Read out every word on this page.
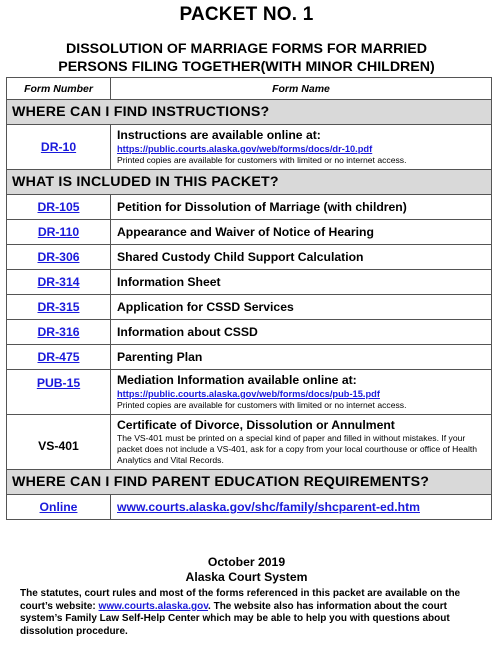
PACKET NO. 1
DISSOLUTION OF MARRIAGE FORMS FOR MARRIED
PERSONS FILING TOGETHER(WITH MINOR CHILDREN)
Form Number	Form Name
WHERE CAN I FIND INSTRUCTIONS?	
DR-10	Instructions are available online at:
https://public.courts.alaska.gov/web/forms/docs/dr-10.pdf
Printed copies are available for customers with limited or no internet access.

WHAT IS INCLUDED IN THIS PACKET?	
DR-105	Petition for Dissolution of Marriage (with children)
DR-110	Appearance and Waiver of Notice of Hearing
DR-306	Shared Custody Child Support Calculation
DR-314	Information Sheet
DR-315	Application for CSSD Services
DR-316	Information about CSSD
DR-475	Parenting Plan
PUB-15	Mediation Information available online at:
https://public.courts.alaska.gov/web/forms/docs/pub-15.pdf
Printed copies are available for customers with limited or no internet access.

VS-401	Certificate of Divorce, Dissolution or Annulment
The VS-401 must be printed on a special kind of paper and filled in without mistakes. If your packet does not include a VS-401, ask for a copy from your local courthouse or office of Health Analytics and Vital Records.

WHERE CAN I FIND PARENT EDUCATION REQUIREMENTS?	
Online	www.courts.alaska.gov/shc/family/shcparent-ed.htm
October 2019
Alaska Court System
The statutes, court rules and most of the forms referenced in this packet are available on the court’s website: www.courts.alaska.gov. The website also has information about the court system’s Family Law Self-Help Center which may be able to help you with questions about dissolution procedure.
